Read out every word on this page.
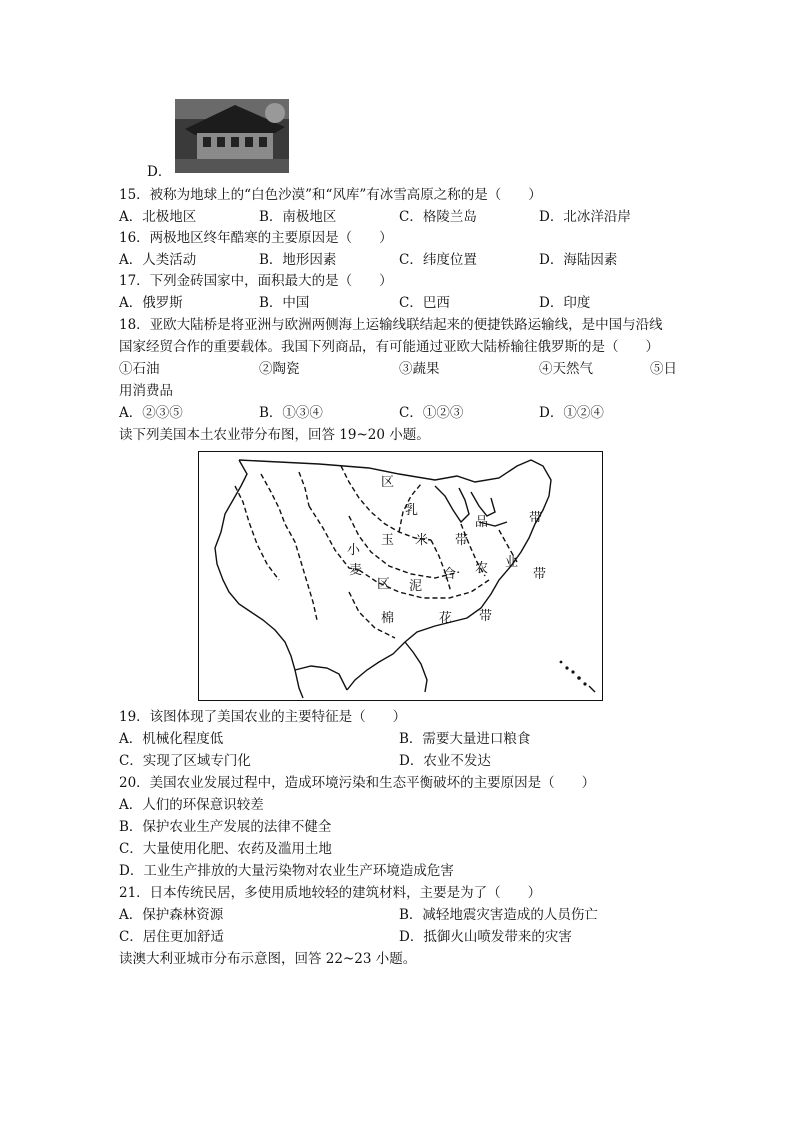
D．
15．被称为地球上的“白色沙漠”和“风库”有冰雪高原之称的是（　　）
A．北极地区	B．南极地区	C．格陵兰岛	D．北冰洋沿岸
16．两极地区终年酷寒的主要原因是（　　）
A．人类活动	B．地形因素	C．纬度位置	D．海陆因素
17．下列金砖国家中，面积最大的是（　　）
A．俄罗斯	B．中国	C．巴西	D．印度
18．亚欧大陆桥是将亚洲与欧洲两侧海上运输线联结起来的便捷铁路运输线，是中国与沿线
国家经贸合作的重要载体。我国下列商品，有可能通过亚欧大陆桥输往俄罗斯的是（　　）
①石油	②陶瓷	③蔬果	④天然气	⑤日
用消费品
A．②③⑤	B．①③④	C．①②③	D．①②④
读下列美国本土农业带分布图，回答 19~20 小题。
乳
品	带
玉 米 带
小
麦
区
合 农 业
带
泥
棉	花 带
区
19．该图体现了美国农业的主要特征是（　　）
A．机械化程度低	B．需要大量进口粮食
C．实现了区域专门化	D．农业不发达
20．美国农业发展过程中，造成环境污染和生态平衡破坏的主要原因是（　　）
A．人们的环保意识较差
B．保护农业生产发展的法律不健全
C．大量使用化肥、农药及滥用土地
D．工业生产排放的大量污染物对农业生产环境造成危害
21．日本传统民居，多使用质地较轻的建筑材料，主要是为了（　　）
A．保护森林资源	B．减轻地震灾害造成的人员伤亡
C．居住更加舒适	D．抵御火山喷发带来的灾害
读澳大利亚城市分布示意图，回答 22~23 小题。
